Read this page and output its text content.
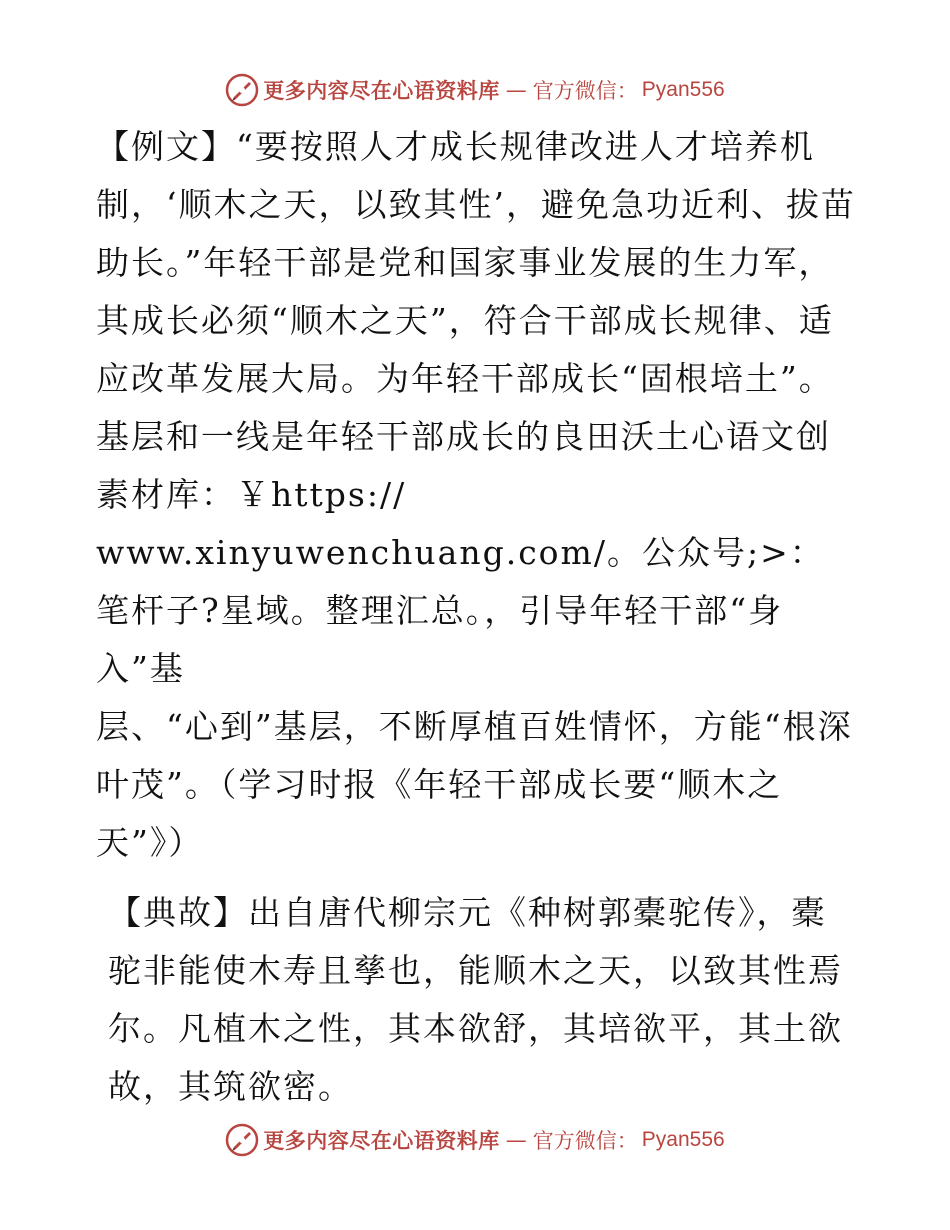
更多内容尽在心语资料库 — 官方微信： Pyan556

【例文】“要按照人才成长规律改进人才培养机制，‘顺木之天，以致其性’，避免急功近利、拔苗助长。”年轻干部是党和国家事业发展的生力军，其成长必须“顺木之天”，符合干部成长规律、适应改革发展大局。为年轻干部成长“固根培土”。基层和一线是年轻干部成长的良田沃土心语文创素材库：￥https://
www.xinyuwenchuang.com/。公众号;>：笔杆子?星域。整理汇总。，引导年轻干部“身入”基
层、“心到”基层，不断厚植百姓情怀，方能“根深叶茂”。（学习时报《年轻干部成长要“顺木之天”》）

【典故】出自唐代柳宗元《种树郭橐驼传》，橐驼非能使木寿且孳也，能顺木之天，以致其性焉尔。凡植木之性，其本欲舒，其培欲平，其土欲故，其筑欲密。

更多内容尽在心语资料库 — 官方微信： Pyan556
